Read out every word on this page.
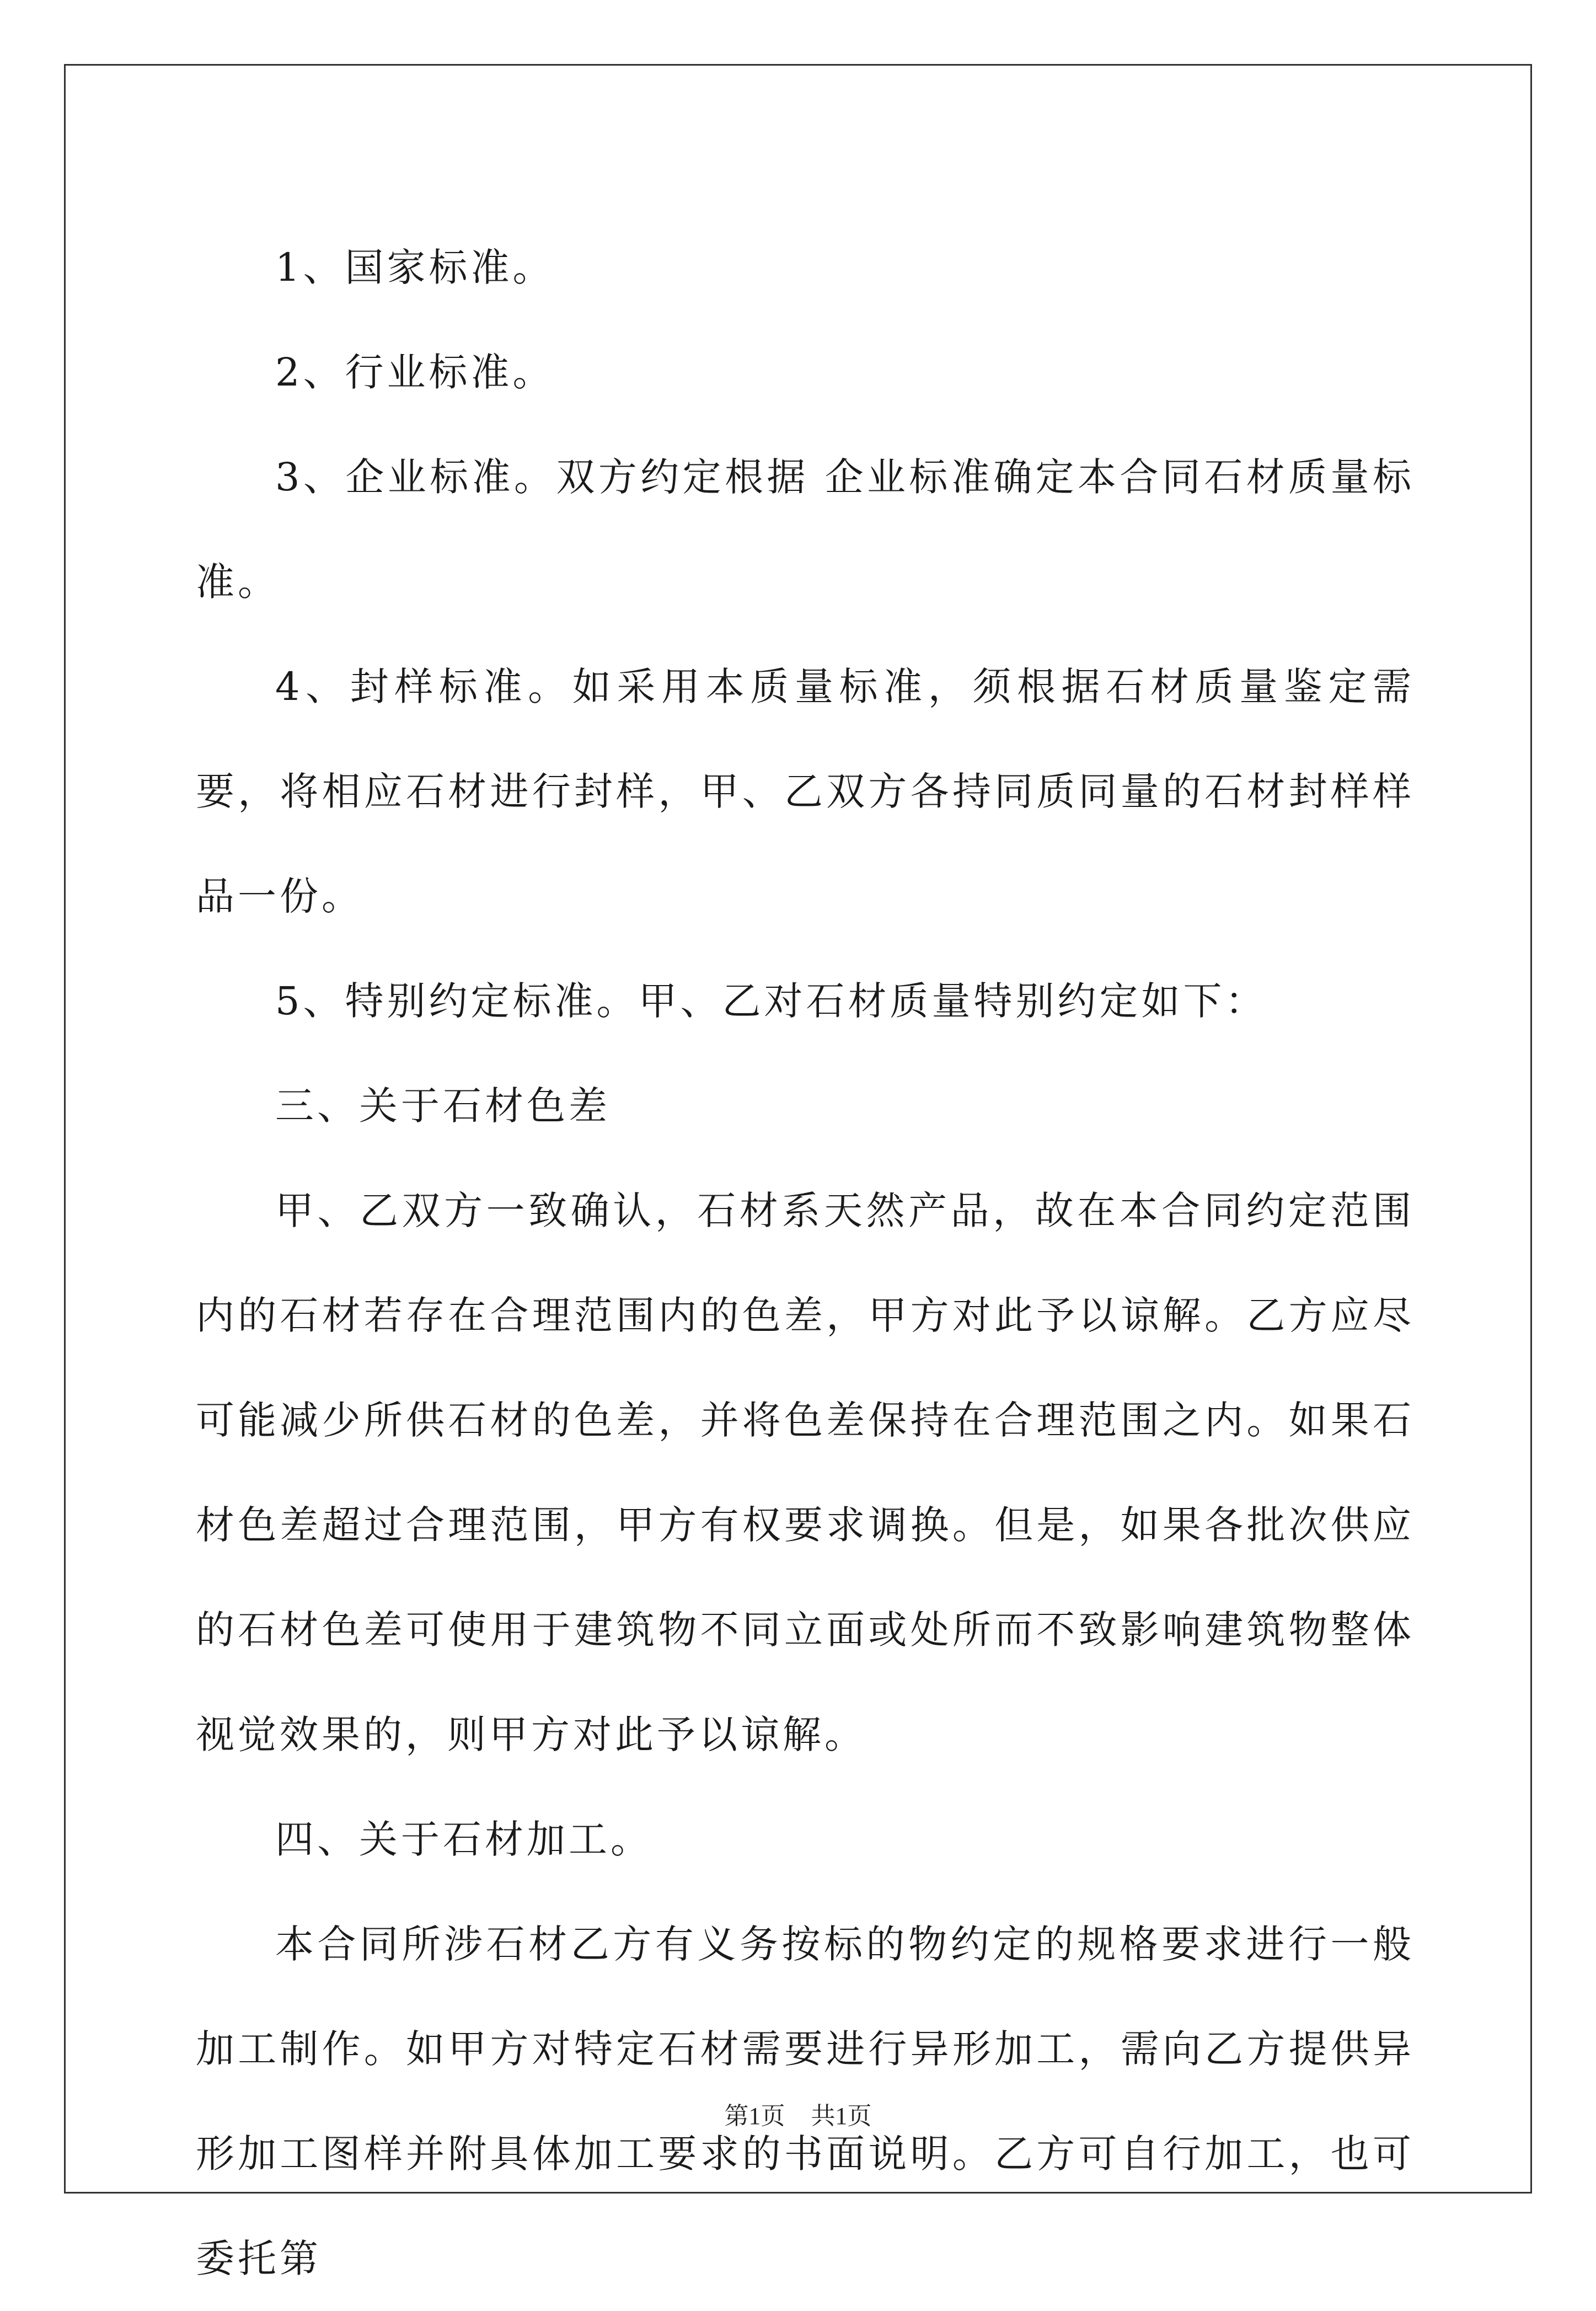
1、国家标准。

2、行业标准。

3、企业标准。双方约定根据 企业标准确定本合同石材质量标准。

4、封样标准。如采用本质量标准，须根据石材质量鉴定需要，将相应石材进行封样，甲、乙双方各持同质同量的石材封样样品一份。

5、特别约定标准。甲、乙对石材质量特别约定如下：

三、关于石材色差

甲、乙双方一致确认，石材系天然产品，故在本合同约定范围内的石材若存在合理范围内的色差，甲方对此予以谅解。乙方应尽可能减少所供石材的色差，并将色差保持在合理范围之内。如果石材色差超过合理范围，甲方有权要求调换。但是，如果各批次供应的石材色差可使用于建筑物不同立面或处所而不致影响建筑物整体视觉效果的，则甲方对此予以谅解。

四、关于石材加工。

本合同所涉石材乙方有义务按标的物约定的规格要求进行一般加工制作。如甲方对特定石材需要进行异形加工，需向乙方提供异形加工图样并附具体加工要求的书面说明。乙方可自行加工，也可委托第

第1页 共1页
